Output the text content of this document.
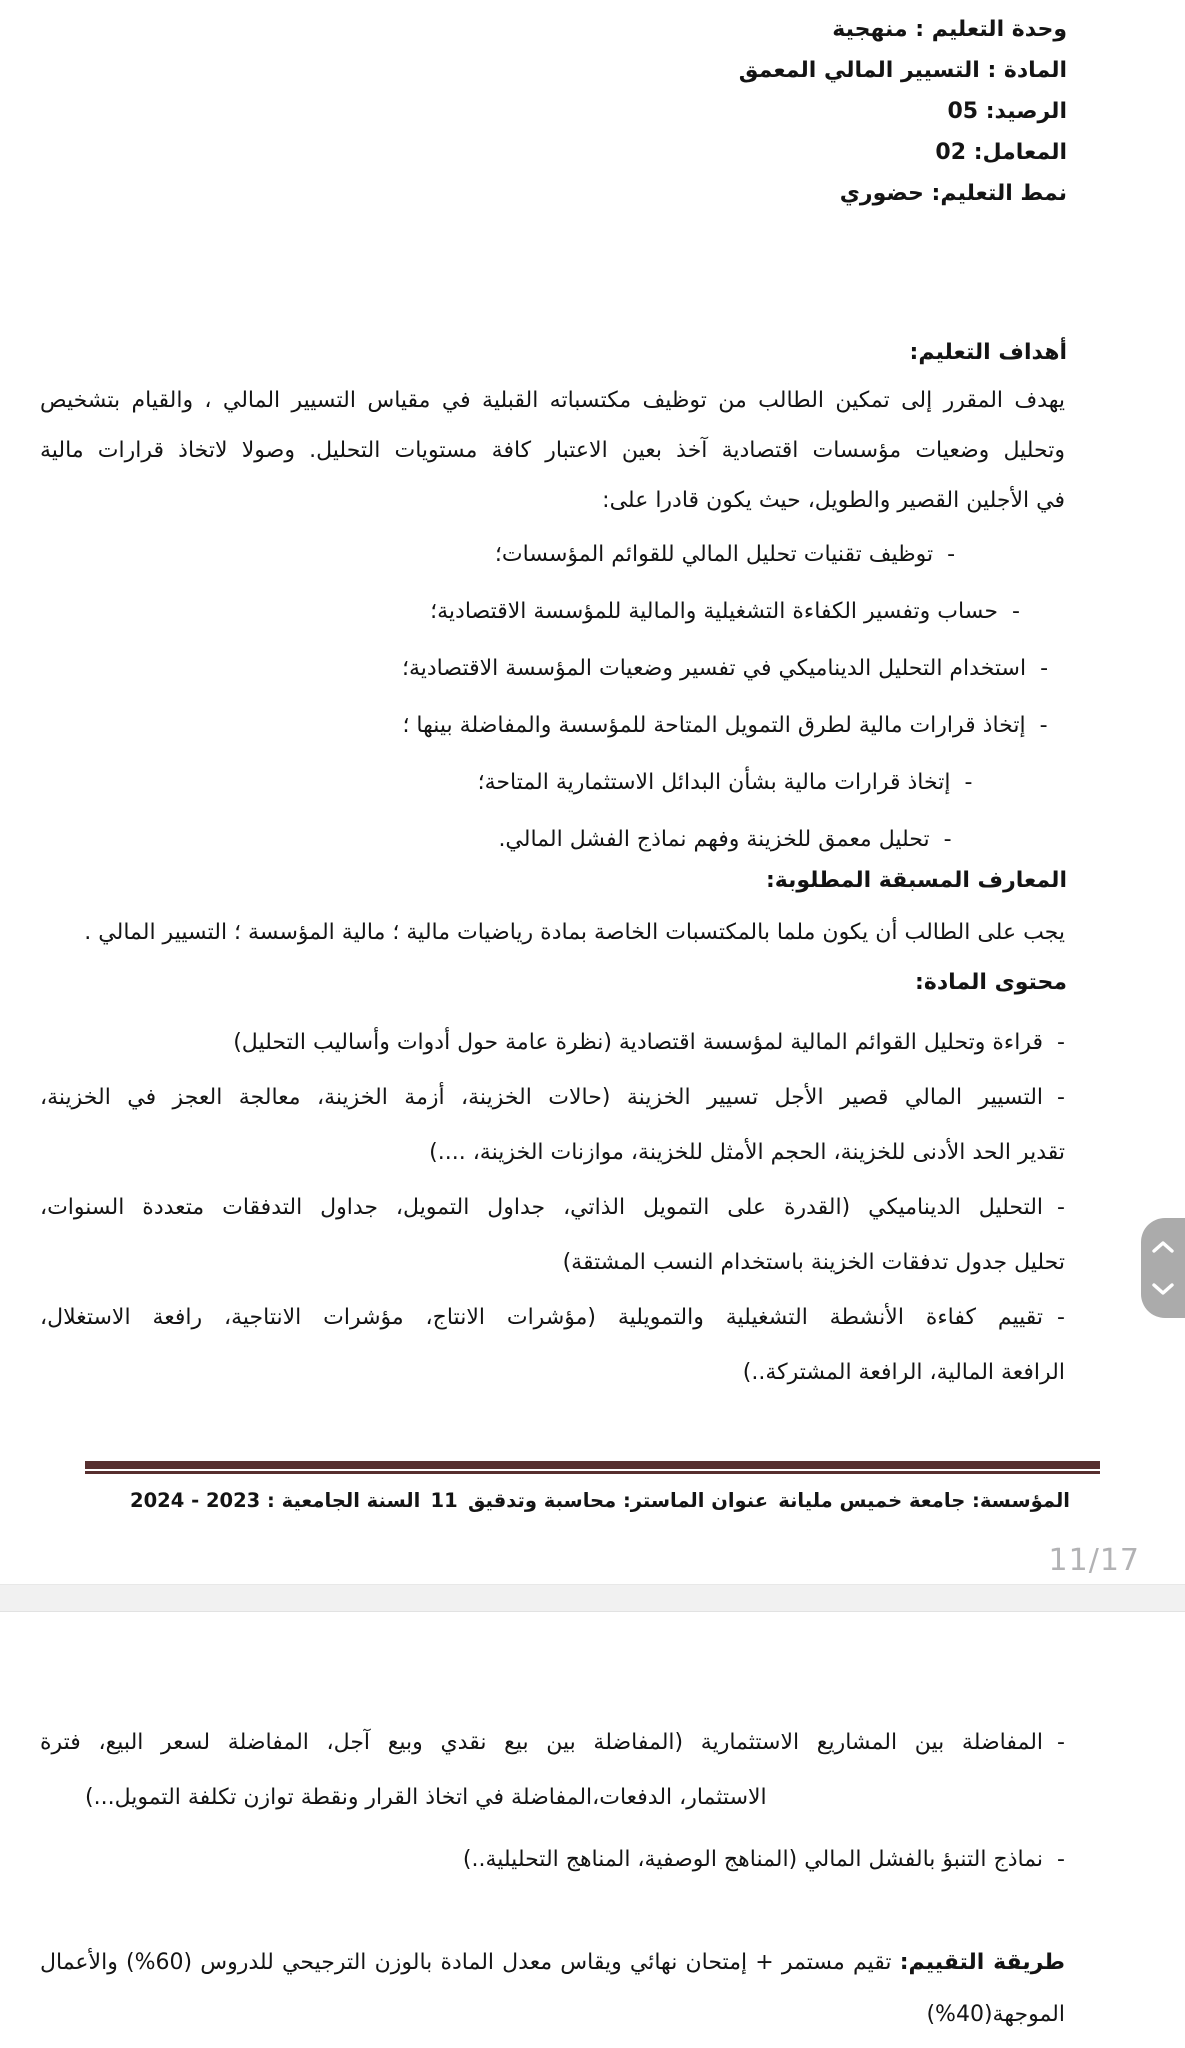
وحدة التعليم : منهجية
المادة : التسيير المالي المعمق
الرصيد: 05
المعامل: 02
نمط التعليم: حضوري
أهداف التعليم:
يهدف المقرر إلى تمكين الطالب من توظيف مكتسباته القبلية في مقياس التسيير المالي ، والقيام بتشخيص
وتحليل وضعيات مؤسسات اقتصادية آخذ بعين الاعتبار كافة مستويات التحليل. وصولا لاتخاذ قرارات مالية
في الأجلين القصير والطويل، حيث يكون قادرا على:
-
توظيف تقنيات تحليل المالي للقوائم المؤسسات؛
-
حساب وتفسير الكفاءة التشغيلية والمالية للمؤسسة الاقتصادية؛
-
استخدام التحليل الديناميكي في تفسير وضعيات المؤسسة الاقتصادية؛
-
إتخاذ قرارات مالية لطرق التمويل المتاحة للمؤسسة والمفاضلة بينها ؛
-
إتخاذ قرارات مالية بشأن البدائل الاستثمارية المتاحة؛
-
تحليل معمق للخزينة وفهم نماذج الفشل المالي.
المعارف المسبقة المطلوبة:
يجب على الطالب أن يكون ملما بالمكتسبات الخاصة بمادة رياضيات مالية ؛ مالية المؤسسة ؛ التسيير المالي .
محتوى المادة:
-
قراءة وتحليل القوائم المالية لمؤسسة اقتصادية (نظرة عامة حول أدوات وأساليب التحليل)
-
التسيير المالي قصير الأجل تسيير الخزينة (حالات الخزينة، أزمة الخزينة، معالجة العجز في الخزينة،
تقدير الحد الأدنى للخزينة، الحجم الأمثل للخزينة، موازنات الخزينة، ....)
-
التحليل الديناميكي (القدرة على التمويل الذاتي، جداول التمويل، جداول التدفقات متعددة السنوات،
تحليل جدول تدفقات الخزينة باستخدام النسب المشتقة)
-
تقييم كفاءة الأنشطة التشغيلية والتمويلية (مؤشرات الانتاج، مؤشرات الانتاجية، رافعة الاستغلال،
الرافعة المالية، الرافعة المشتركة..)
المؤسسة: جامعة خميس مليانة
عنوان الماستر: محاسبة وتدقيق
11
السنة الجامعية : 2023 - 2024
11/17
-
المفاضلة بين المشاريع الاستثمارية (المفاضلة بين بيع نقدي وبيع آجل، المفاضلة لسعر البيع، فترة
الاستثمار، الدفعات،المفاضلة في اتخاذ القرار ونقطة توازن تكلفة التمويل...)
-
نماذج التنبؤ بالفشل المالي (المناهج الوصفية، المناهج التحليلية..)
طريقة التقييم: تقيم مستمر + إمتحان نهائي ويقاس معدل المادة بالوزن الترجيحي للدروس (60%) والأعمال
الموجهة(40%)
